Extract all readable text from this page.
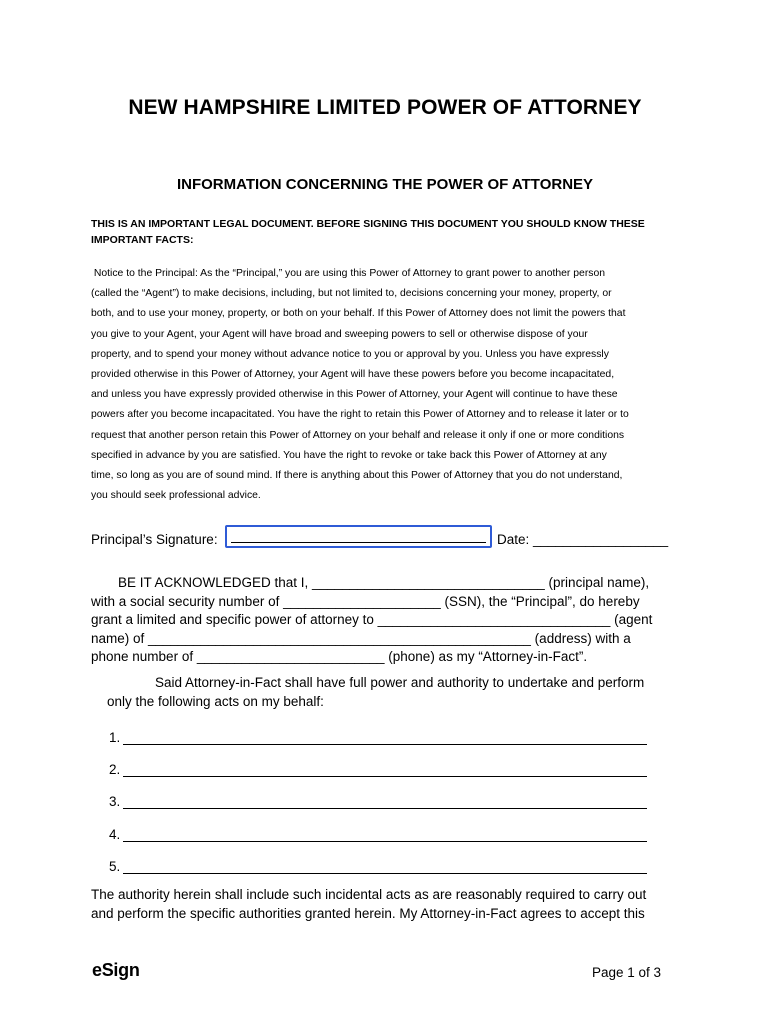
NEW HAMPSHIRE LIMITED POWER OF ATTORNEY
INFORMATION CONCERNING THE POWER OF ATTORNEY
THIS IS AN IMPORTANT LEGAL DOCUMENT. BEFORE SIGNING THIS DOCUMENT YOU SHOULD KNOW THESE IMPORTANT FACTS:
Notice to the Principal: As the “Principal,” you are using this Power of Attorney to grant power to another person
(called the “Agent”) to make decisions, including, but not limited to, decisions concerning your money, property, or
both, and to use your money, property, or both on your behalf. If this Power of Attorney does not limit the powers that
you give to your Agent, your Agent will have broad and sweeping powers to sell or otherwise dispose of your
property, and to spend your money without advance notice to you or approval by you. Unless you have expressly
provided otherwise in this Power of Attorney, your Agent will have these powers before you become incapacitated,
and unless you have expressly provided otherwise in this Power of Attorney, your Agent will continue to have these
powers after you become incapacitated. You have the right to retain this Power of Attorney and to release it later or to
request that another person retain this Power of Attorney on your behalf and release it only if one or more conditions
specified in advance by you are satisfied. You have the right to revoke or take back this Power of Attorney at any
time, so long as you are of sound mind. If there is anything about this Power of Attorney that you do not understand,
you should seek professional advice.
Principal’s Signature:	Date: __________________
BE IT ACKNOWLEDGED that I, _______________________________ (principal name),
with a social security number of _____________________ (SSN), the “Principal”, do hereby
grant a limited and specific power of attorney to _______________________________ (agent
name) of ___________________________________________________ (address) with a
phone number of _________________________ (phone) as my “Attorney-in-Fact”.
Said Attorney-in-Fact shall have full power and authority to undertake and perform
only the following acts on my behalf:
1.
2.
3.
4.
5.
The authority herein shall include such incidental acts as are reasonably required to carry out
and perform the specific authorities granted herein. My Attorney-in-Fact agrees to accept this
eSign	Page 1 of 3
